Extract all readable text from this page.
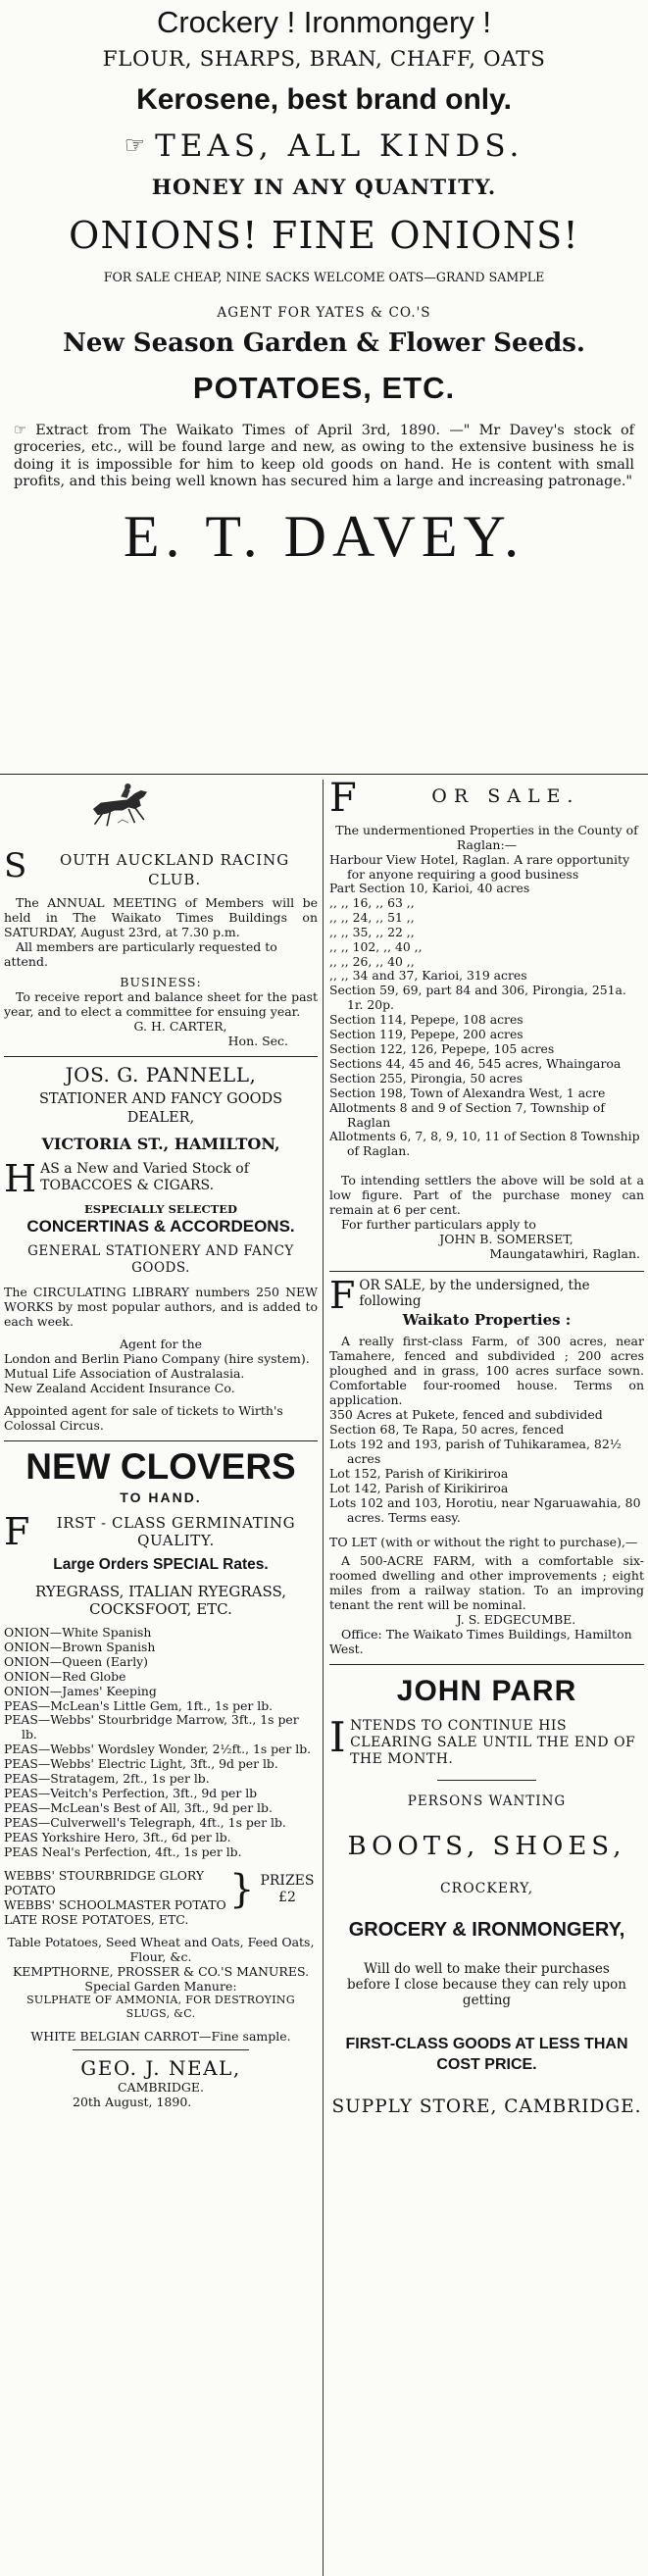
Crockery ! Ironmongery !
FLOUR, SHARPS, BRAN, CHAFF, OATS
Kerosene, best brand only.
☞ TEAS, ALL KINDS.
HONEY IN ANY QUANTITY.
ONIONS! FINE ONIONS!
FOR SALE CHEAP, NINE SACKS WELCOME OATS—GRAND SAMPLE
AGENT FOR YATES & CO.'S
New Season Garden & Flower Seeds.
POTATOES, ETC.
☞ Extract from The Waikato Times of April 3rd, 1890. —" Mr Davey's stock of groceries, etc., will be found large and new, as owing to the extensive business he is doing it is impossible for him to keep old goods on hand. He is content with small profits, and this being well known has secured him a large and increasing patronage."
E. T. DAVEY.
S	OUTH AUCKLAND RACING CLUB.
The ANNUAL MEETING of Members will be held in The Waikato Times Buildings on SATURDAY, August 23rd, at 7.30 p.m.
All members are particularly requested to attend.
BUSINESS:
To receive report and balance sheet for the past year, and to elect a committee for ensuing year.
G. H. CARTER,
Hon. Sec.
JOS. G. PANNELL,
STATIONER AND FANCY GOODS DEALER,
VICTORIA ST., HAMILTON,
H AS a New and Varied Stock of TOBACCOES & CIGARS.
ESPECIALLY SELECTED
CONCERTINAS & ACCORDEONS.
GENERAL STATIONERY AND FANCY GOODS.
The CIRCULATING LIBRARY numbers 250 NEW WORKS by most popular authors, and is added to each week.
Agent for the
London and Berlin Piano Company (hire system).
Mutual Life Association of Australasia.
New Zealand Accident Insurance Co.
Appointed agent for sale of tickets to Wirth's Colossal Circus.
NEW CLOVERS
TO HAND.
F	IRST - CLASS GERMINATING QUALITY.
Large Orders SPECIAL Rates.
RYEGRASS, ITALIAN RYEGRASS, COCKSFOOT, ETC.
ONION—White Spanish
ONION—Brown Spanish
ONION—Queen (Early)
ONION—Red Globe
ONION—James' Keeping
PEAS—McLean's Little Gem, 1ft., 1s per lb.
PEAS—Webbs' Stourbridge Marrow, 3ft., 1s per lb.
PEAS—Webbs' Wordsley Wonder, 2½ft., 1s per lb.
PEAS—Webbs' Electric Light, 3ft., 9d per lb.
PEAS—Stratagem, 2ft., 1s per lb.
PEAS—Veitch's Perfection, 3ft., 9d per lb
PEAS—McLean's Best of All, 3ft., 9d per lb.
PEAS—Culverwell's Telegraph, 4ft., 1s per lb.
PEAS Yorkshire Hero, 3ft., 6d per lb.
PEAS Neal's Perfection, 4ft., 1s per lb.
WEBBS' STOURBRIDGE GLORY POTATO
WEBBS' SCHOOLMASTER POTATO } PRIZES
£2
LATE ROSE POTATOES, ETC.
Table Potatoes, Seed Wheat and Oats, Feed Oats, Flour, &c.
KEMPTHORNE, PROSSER & CO.'S MANURES.
Special Garden Manure:
SULPHATE OF AMMONIA, FOR DESTROYING SLUGS, &C.
WHITE BELGIAN CARROT—Fine sample.
GEO. J. NEAL,
CAMBRIDGE.
20th August, 1890.
F	OR SALE.
The undermentioned Properties in the County of Raglan:—
Harbour View Hotel, Raglan. A rare opportunity for anyone requiring a good business
Part Section 10, Karioi, 40 acres
,, ,, 16, ,, 63 ,,
,, ,, 24, ,, 51 ,,
,, ,, 35, ,, 22 ,,
,, ,, 102, ,, 40 ,,
,, ,, 26, ,, 40 ,,
,, ,, 34 and 37, Karioi, 319 acres
Section 59, 69, part 84 and 306, Pirongia, 251a. 1r. 20p.
Section 114, Pepepe, 108 acres
Section 119, Pepepe, 200 acres
Section 122, 126, Pepepe, 105 acres
Sections 44, 45 and 46, 545 acres, Whaingaroa
Section 255, Pirongia, 50 acres
Section 198, Town of Alexandra West, 1 acre
Allotments 8 and 9 of Section 7, Township of Raglan
Allotments 6, 7, 8, 9, 10, 11 of Section 8 Township of Raglan.
To intending settlers the above will be sold at a low figure. Part of the purchase money can remain at 6 per cent.
For further particulars apply to
JOHN B. SOMERSET,
Maungatawhiri, Raglan.
F OR SALE, by the undersigned, the following
Waikato Properties :
A really first-class Farm, of 300 acres, near Tamahere, fenced and subdivided ; 200 acres ploughed and in grass, 100 acres surface sown. Comfortable four-roomed house. Terms on application.
350 Acres at Pukete, fenced and subdivided
Section 68, Te Rapa, 50 acres, fenced
Lots 192 and 193, parish of Tuhikaramea, 82½ acres
Lot 152, Parish of Kirikiriroa
Lot 142, Parish of Kirikiriroa
Lots 102 and 103, Horotiu, near Ngaruawahia, 80 acres. Terms easy.
TO LET (with or without the right to purchase),—
A 500-ACRE FARM, with a comfortable six-roomed dwelling and other improvements ; eight miles from a railway station. To an improving tenant the rent will be nominal.
J. S. EDGECUMBE.
Office: The Waikato Times Buildings, Hamilton West.
JOHN PARR
I NTENDS TO CONTINUE HIS CLEARING SALE UNTIL THE END OF THE MONTH.
PERSONS WANTING
BOOTS, SHOES,
CROCKERY,
GROCERY & IRONMONGERY,
Will do well to make their purchases before I close because they can rely upon getting
FIRST-CLASS GOODS AT LESS THAN COST PRICE.
SUPPLY STORE, CAMBRIDGE.
